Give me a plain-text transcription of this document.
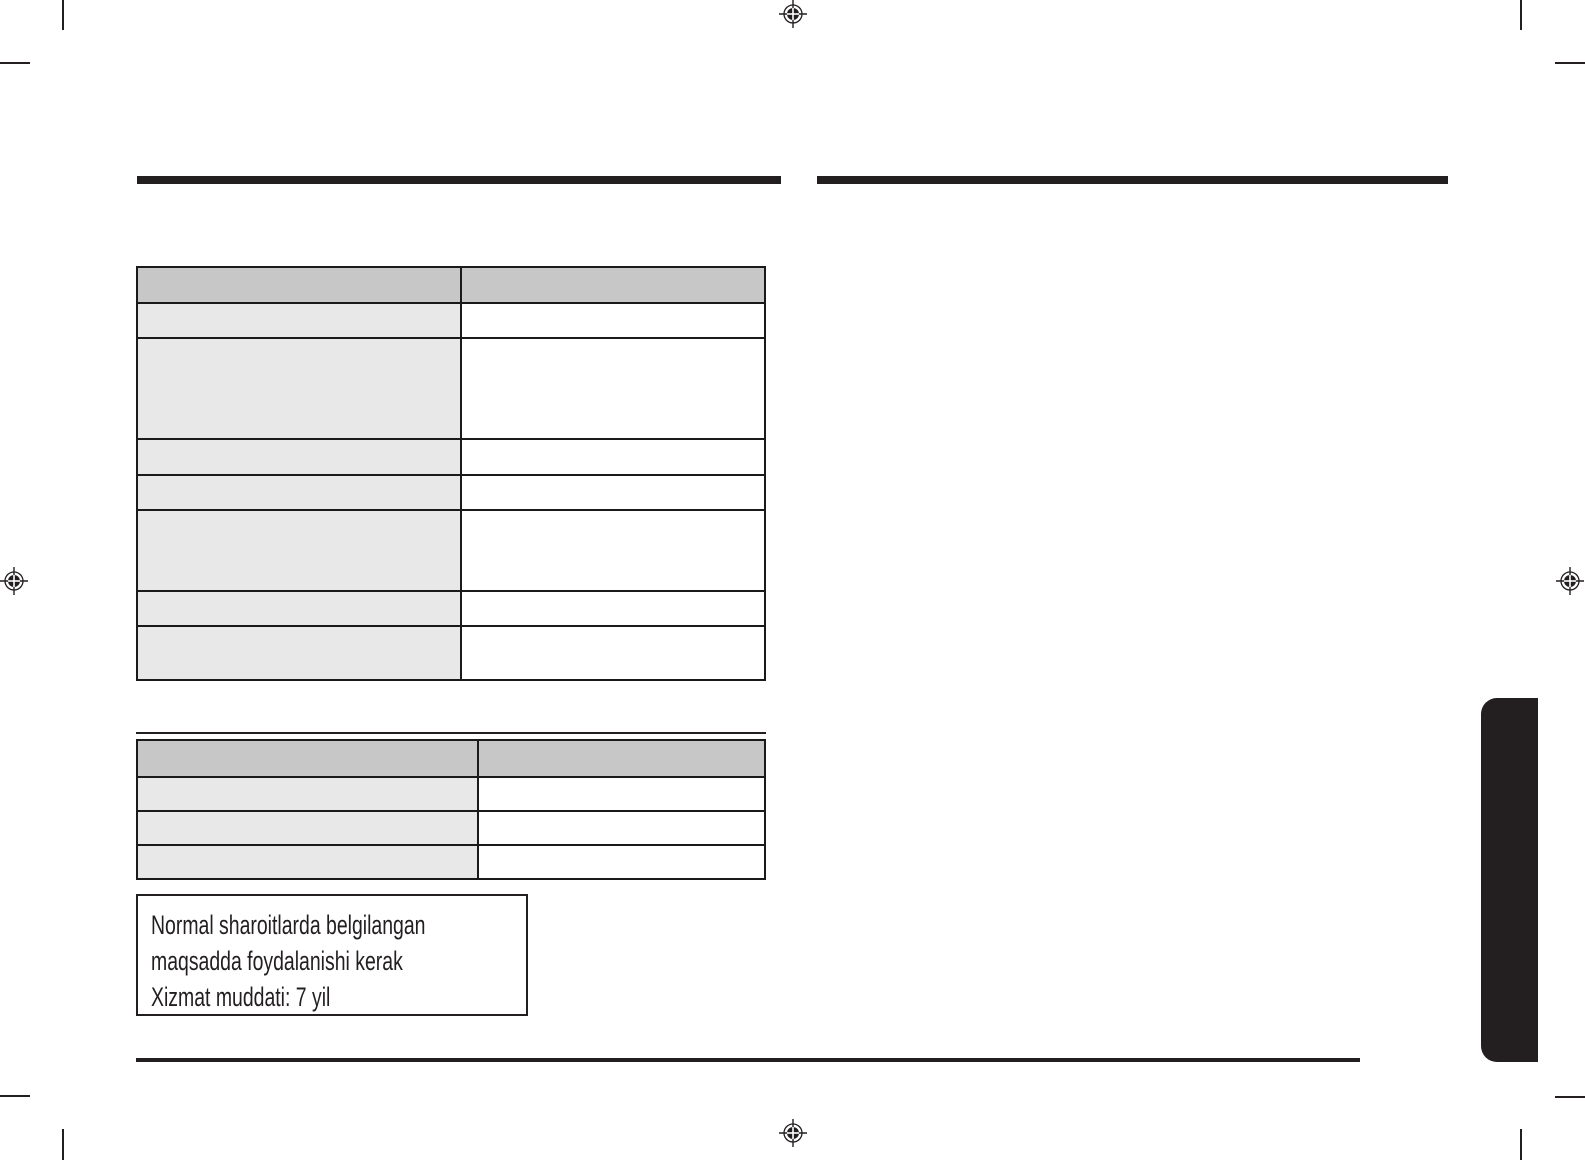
Normal sharoitlarda belgilangan
maqsadda foydalanishi kerak
Xizmat muddati: 7 yil
